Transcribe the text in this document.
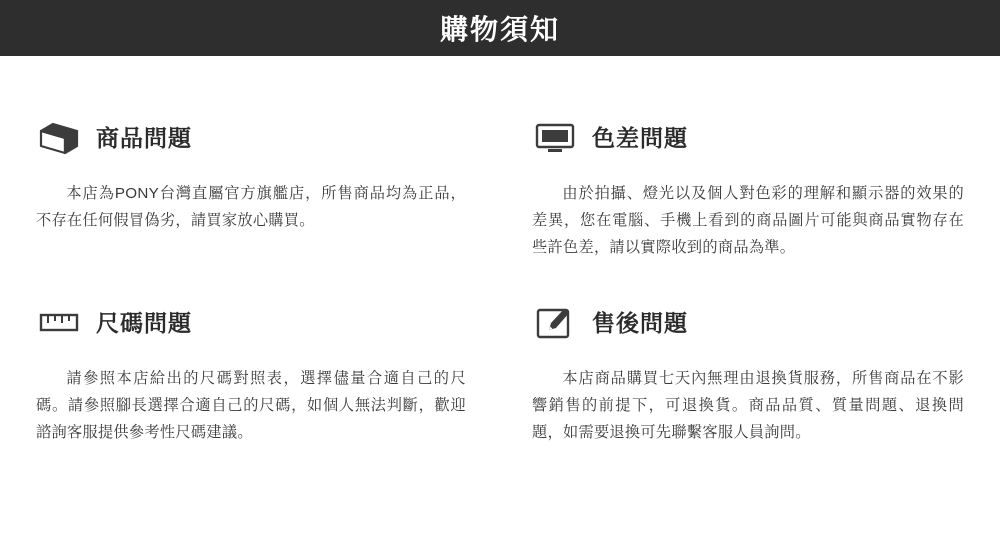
購物須知
商品問題
本店為PONY台灣直屬官方旗艦店，所售商品均為正品，不存在任何假冒偽劣，請買家放心購買。
色差問題
由於拍攝、燈光以及個人對色彩的理解和顯示器的效果的差異，您在電腦、手機上看到的商品圖片可能與商品實物存在些許色差，請以實際收到的商品為準。
尺碼問題
請參照本店給出的尺碼對照表，選擇儘量合適自己的尺碼。請參照腳長選擇合適自己的尺碼，如個人無法判斷，歡迎諮詢客服提供參考性尺碼建議。
售後問題
本店商品購買七天內無理由退換貨服務，所售商品在不影響銷售的前提下，可退換貨。商品品質、質量問題、退換問題，如需要退換可先聯繫客服人員詢問。
